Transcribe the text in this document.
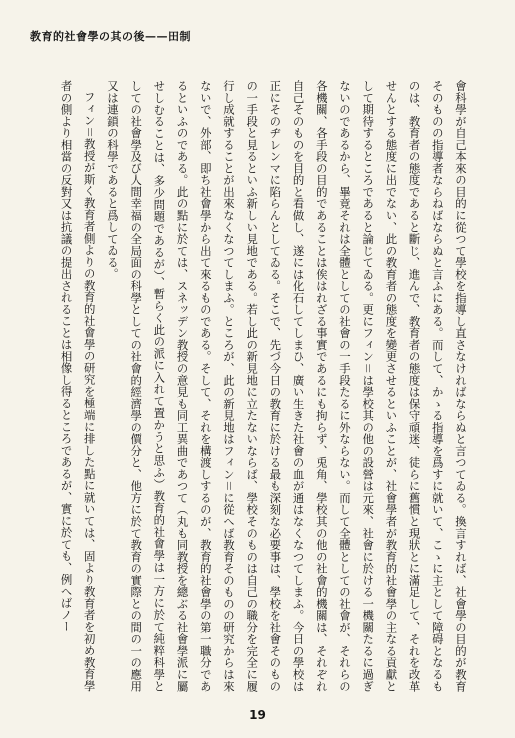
教育的社會學の其の後——田制

會科學が自己本來の目的に從つて學校を指導し直さなければならぬと言つてゐる。換言すれば、社會學の目的が教育そのものの指導者ならねばならぬと言ふにある。而して、かゝる指導を爲すに就いて、こゝに主として障碍となるものは、教育者の態度であると斷じ、進んで、教育者の態度は保守頑迷、徒らに舊慣と現狀とに滿足して、それを改革せんとする態度に出でない、此の教育者の態度を變更させるといふことが、社會學者が教育的社會學の主なる貢獻として期待するところであると論じてゐる。更にフィン＝は學校其の他の設營は元來、社會に於ける一機關たるに過ぎないのであるから、畢竟それは全體としての社會の一手段たるに外ならない。而して全體としての社會が、それらの各機關、各手段の目的であることは俟はれざる事實であるにも拘らず、兎角、學校其の他の社會的機關は、それぞれ自己そのものを目的と看做し、遂には化石してしまひ、廣い生きた社會の血が通はなくなつてしまふ。今日の學校は正にそのヂレンマに陷らんとしてゐる。そこで、先づ今日の教育に於ける最も深刻な必要事は、學校を社會そのものの一手段と見るといふ新しい見地である。若し此の新見地に立たないならば、學校そのものは自己の職分を完全に履行し成就することが出來なくなつてしまふ。ところが、此の新見地はフィン＝に從へば教育そのものの研究からは來ないで、外部、即ち社會學から出て來るものである。そして、それを構渡しするのが、教育的社會學の第一職分であるといふのである。此の點に於ては、スネッデン教授の意見も同工異曲であつて（丸も同教授を總ぶる社會學派に屬せしむることは、多少問題であるが）、暫らく此の派に入れて置かうと思ふ）教育的社會學は一方に於て純粹科學としての社會學及び人間幸福の全局面の科學としての社會的經濟學の價分と、他方に於て教育の實際との間の一の應用又は連鎖の科學であると爲してゐる。

フィン＝教授が斯く教育者側よりの教育的社會學の研究を極端に排した點に就いては、固より教育者を初め教育學者の側より相當の反對又は抗議の提出されることは相像し得るところであるが、實に於ても、例へばノー

19
